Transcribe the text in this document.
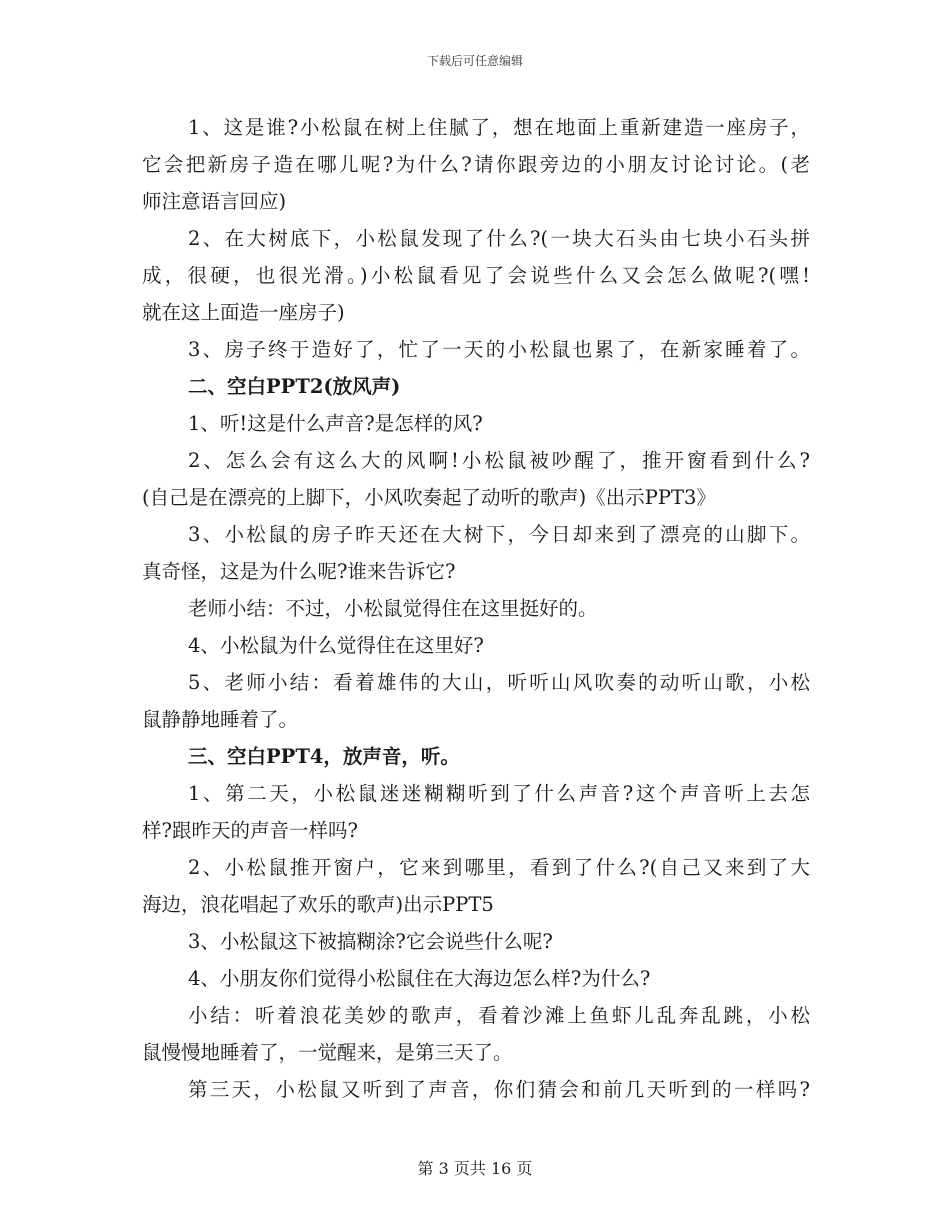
下载后可任意编辑
1、这是谁?小松鼠在树上住腻了，想在地面上重新建造一座房子，
它会把新房子造在哪儿呢?为什么?请你跟旁边的小朋友讨论讨论。(老
师注意语言回应)
2、在大树底下，小松鼠发现了什么?(一块大石头由七块小石头拼
成，很硬，也很光滑。)小松鼠看见了会说些什么又会怎么做呢?(嘿!
就在这上面造一座房子)
3、房子终于造好了，忙了一天的小松鼠也累了，在新家睡着了。
二、空白PPT2(放风声)
1、听!这是什么声音?是怎样的风?
2、怎么会有这么大的风啊!小松鼠被吵醒了，推开窗看到什么?
(自己是在漂亮的上脚下，小风吹奏起了动听的歌声)《出示PPT3》
3、小松鼠的房子昨天还在大树下，今日却来到了漂亮的山脚下。
真奇怪，这是为什么呢?谁来告诉它?
老师小结：不过，小松鼠觉得住在这里挺好的。
4、小松鼠为什么觉得住在这里好?
5、老师小结：看着雄伟的大山，听听山风吹奏的动听山歌，小松
鼠静静地睡着了。
三、空白PPT4，放声音，听。
1、第二天，小松鼠迷迷糊糊听到了什么声音?这个声音听上去怎
样?跟昨天的声音一样吗?
2、小松鼠推开窗户，它来到哪里，看到了什么?(自己又来到了大
海边，浪花唱起了欢乐的歌声)出示PPT5
3、小松鼠这下被搞糊涂?它会说些什么呢?
4、小朋友你们觉得小松鼠住在大海边怎么样?为什么?
小结：听着浪花美妙的歌声，看着沙滩上鱼虾儿乱奔乱跳，小松
鼠慢慢地睡着了，一觉醒来，是第三天了。
第三天，小松鼠又听到了声音，你们猜会和前几天听到的一样吗?
第 3 页共 16 页
